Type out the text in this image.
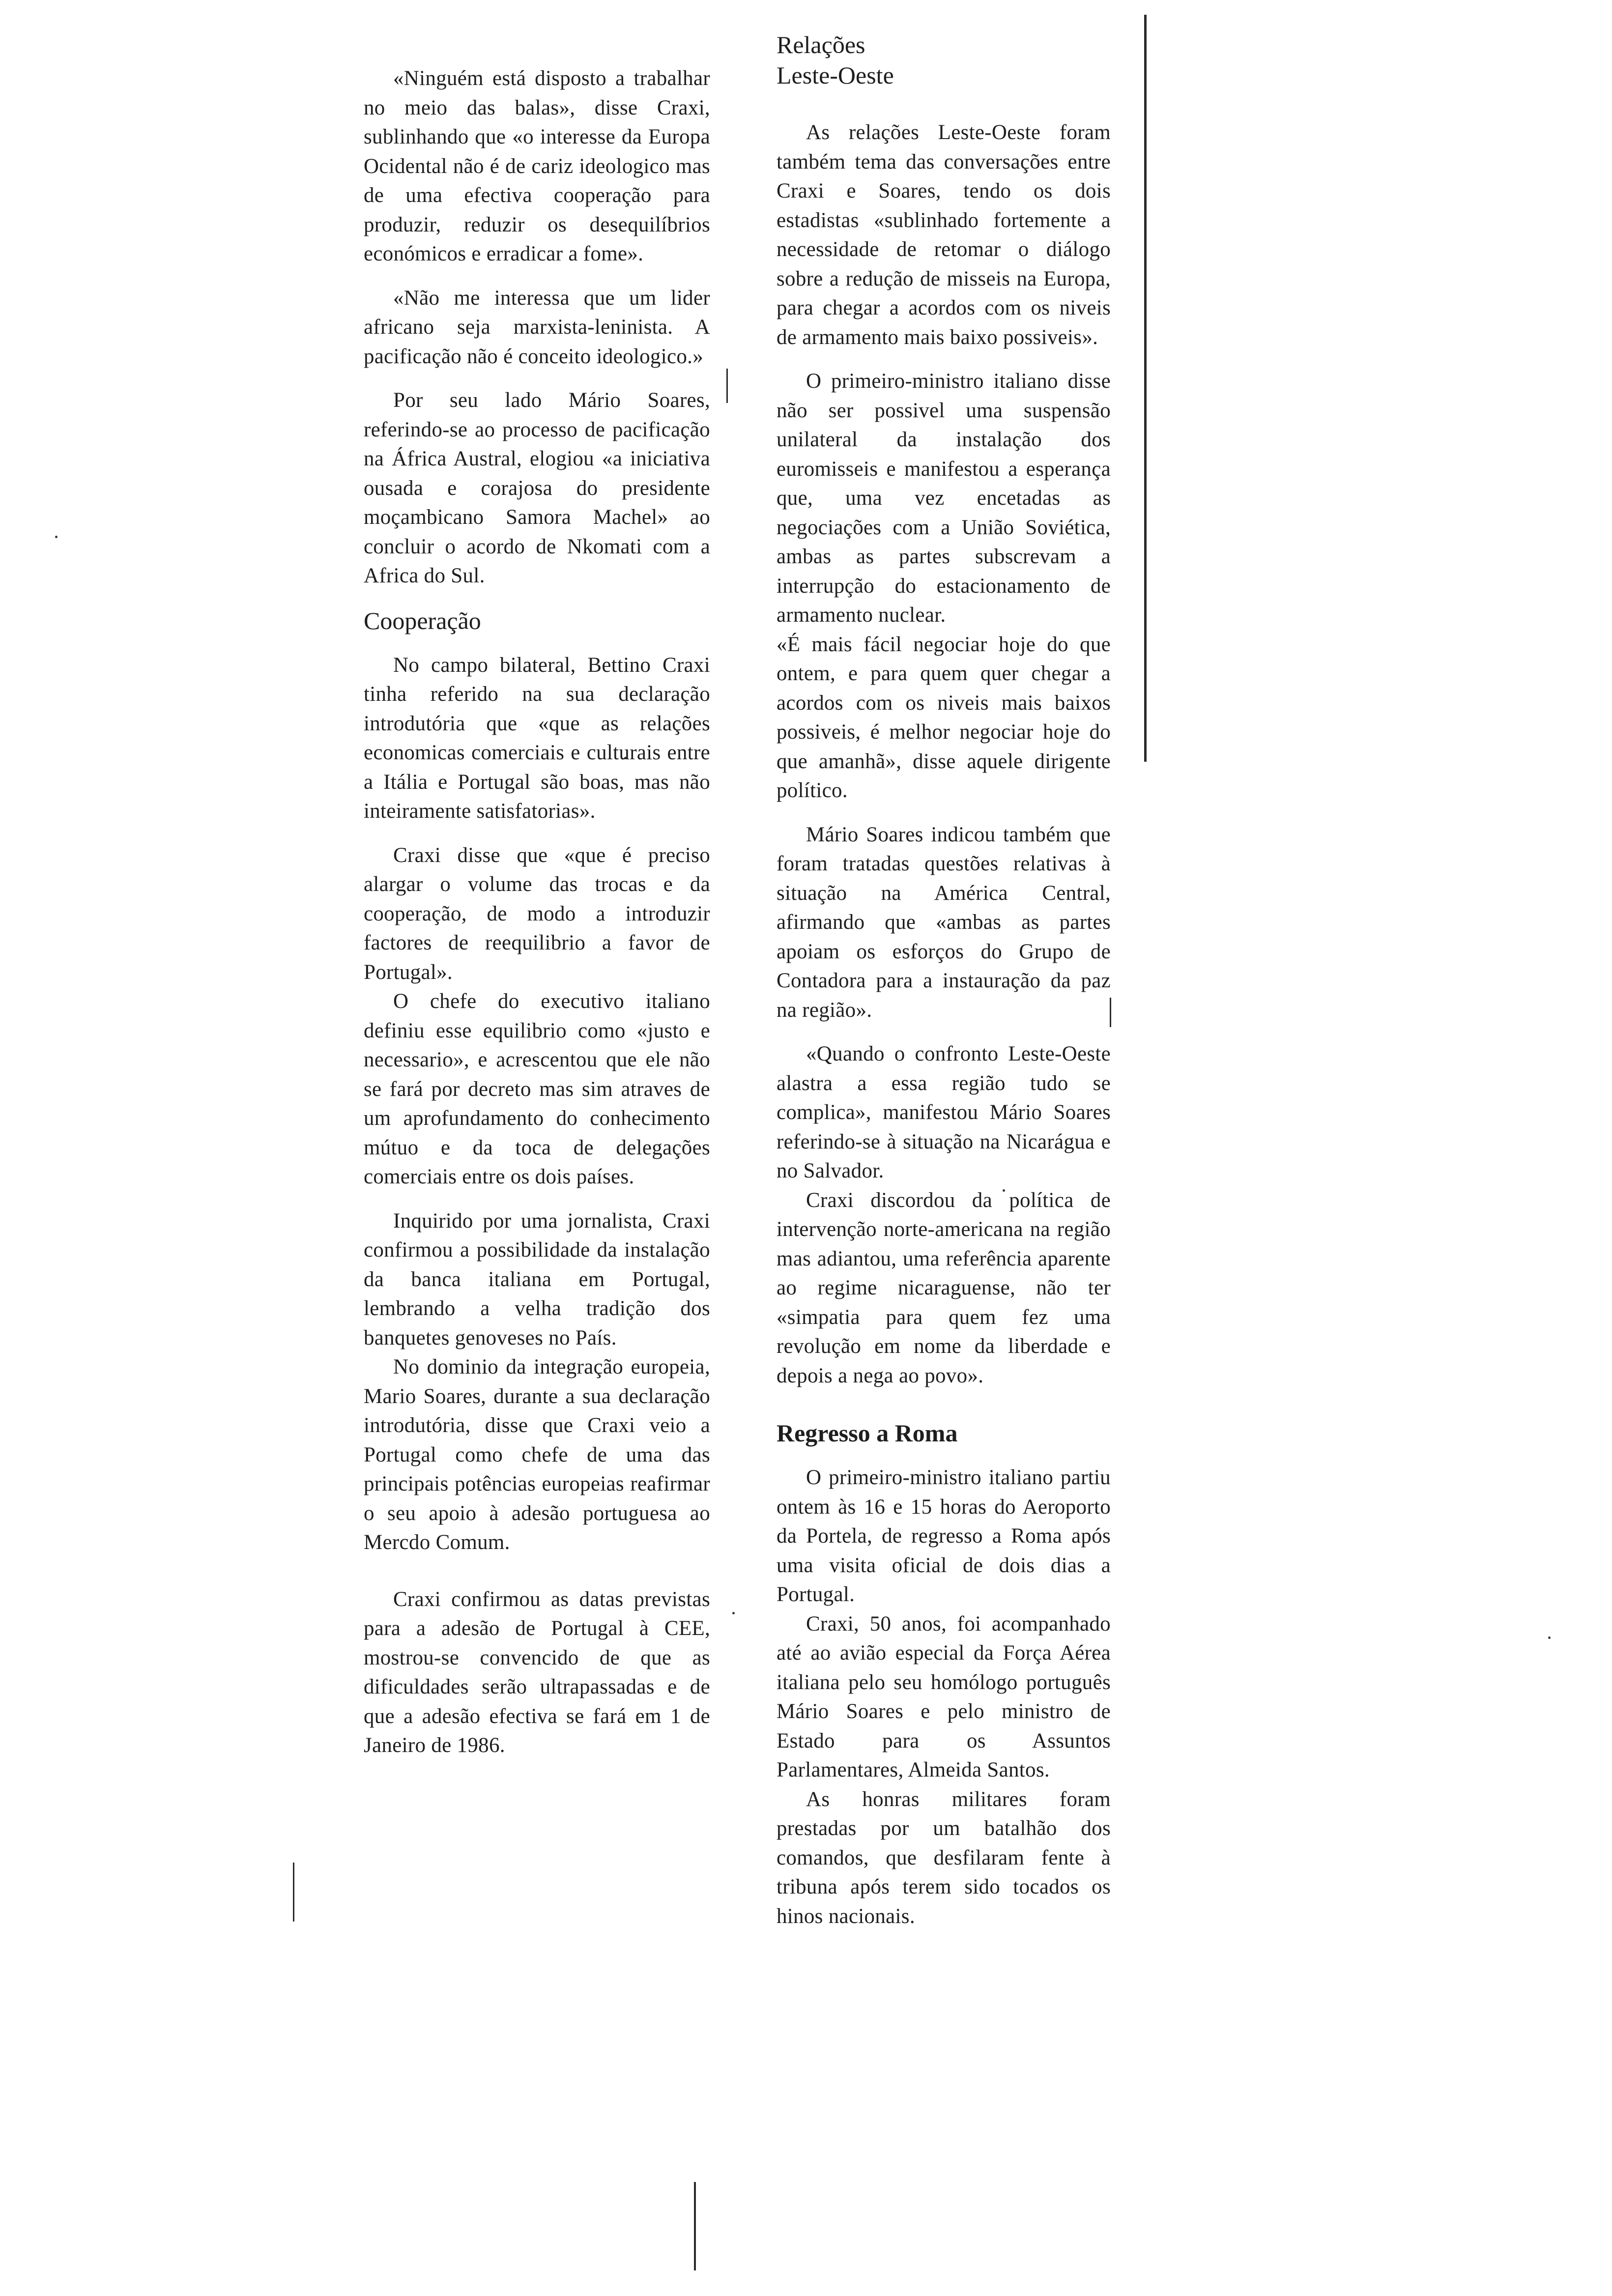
«Ninguém está disposto a trabalhar no meio das balas», disse Craxi, sublinhando que «o interesse da Europa Ocidental não é de cariz ideologico mas de uma efectiva cooperação para produzir, reduzir os desequilíbrios económicos e erradicar a fome».

«Não me interessa que um lider africano seja marxista-leninista. A pacificação não é conceito ideologico.»

Por seu lado Mário Soares, referindo-se ao processo de pacificação na África Austral, elogiou «a iniciativa ousada e corajosa do presidente moçambicano Samora Machel» ao concluir o acordo de Nkomati com a Africa do Sul.

Cooperação

No campo bilateral, Bettino Craxi tinha referido na sua declaração introdutória que «que as relações economicas comerciais e culturais entre a Itália e Portugal são boas, mas não inteiramente satisfatorias».

Craxi disse que «que é preciso alargar o volume das trocas e da cooperação, de modo a introduzir factores de reequilibrio a favor de Portugal».

O chefe do executivo italiano definiu esse equilibrio como «justo e necessario», e acrescentou que ele não se fará por decreto mas sim atraves de um aprofundamento do conhecimento mútuo e da toca de delegações comerciais entre os dois países.

Inquirido por uma jornalista, Craxi confirmou a possibilidade da instalação da banca italiana em Portugal, lembrando a velha tradição dos banquetes genoveses no País.

No dominio da integração europeia, Mario Soares, durante a sua declaração introdutória, disse que Craxi veio a Portugal como chefe de uma das principais potências europeias reafirmar o seu apoio à adesão portuguesa ao Mercdo Comum.

Craxi confirmou as datas previstas para a adesão de Portugal à CEE, mostrou-se convencido de que as dificuldades serão ultrapassadas e de que a adesão efectiva se fará em 1 de Janeiro de 1986.

Relações
Leste-Oeste

As relações Leste-Oeste foram também tema das conversações entre Craxi e Soares, tendo os dois estadistas «sublinhado fortemente a necessidade de retomar o diálogo sobre a redução de misseis na Europa, para chegar a acordos com os niveis de armamento mais baixo possiveis».

O primeiro-ministro italiano disse não ser possivel uma suspensão unilateral da instalação dos euromisseis e manifestou a esperança que, uma vez encetadas as negociações com a União Soviética, ambas as partes subscrevam a interrupção do estacionamento de armamento nuclear.

«É mais fácil negociar hoje do que ontem, e para quem quer chegar a acordos com os niveis mais baixos possiveis, é melhor negociar hoje do que amanhã», disse aquele dirigente político.

Mário Soares indicou também que foram tratadas questões relativas à situação na América Central, afirmando que «ambas as partes apoiam os esforços do Grupo de Contadora para a instauração da paz na região».

«Quando o confronto Leste-Oeste alastra a essa região tudo se complica», manifestou Mário Soares referindo-se à situação na Nicarágua e no Salvador.

Craxi discordou da política de intervenção norte-americana na região mas adiantou, uma referência aparente ao regime nicaraguense, não ter «simpatia para quem fez uma revolução em nome da liberdade e depois a nega ao povo».

Regresso a Roma

O primeiro-ministro italiano partiu ontem às 16 e 15 horas do Aeroporto da Portela, de regresso a Roma após uma visita oficial de dois dias a Portugal.

Craxi, 50 anos, foi acompanhado até ao avião especial da Força Aérea italiana pelo seu homólogo português Mário Soares e pelo ministro de Estado para os Assuntos Parlamentares, Almeida Santos.

As honras militares foram prestadas por um batalhão dos comandos, que desfilaram fente à tribuna após terem sido tocados os hinos nacionais.
